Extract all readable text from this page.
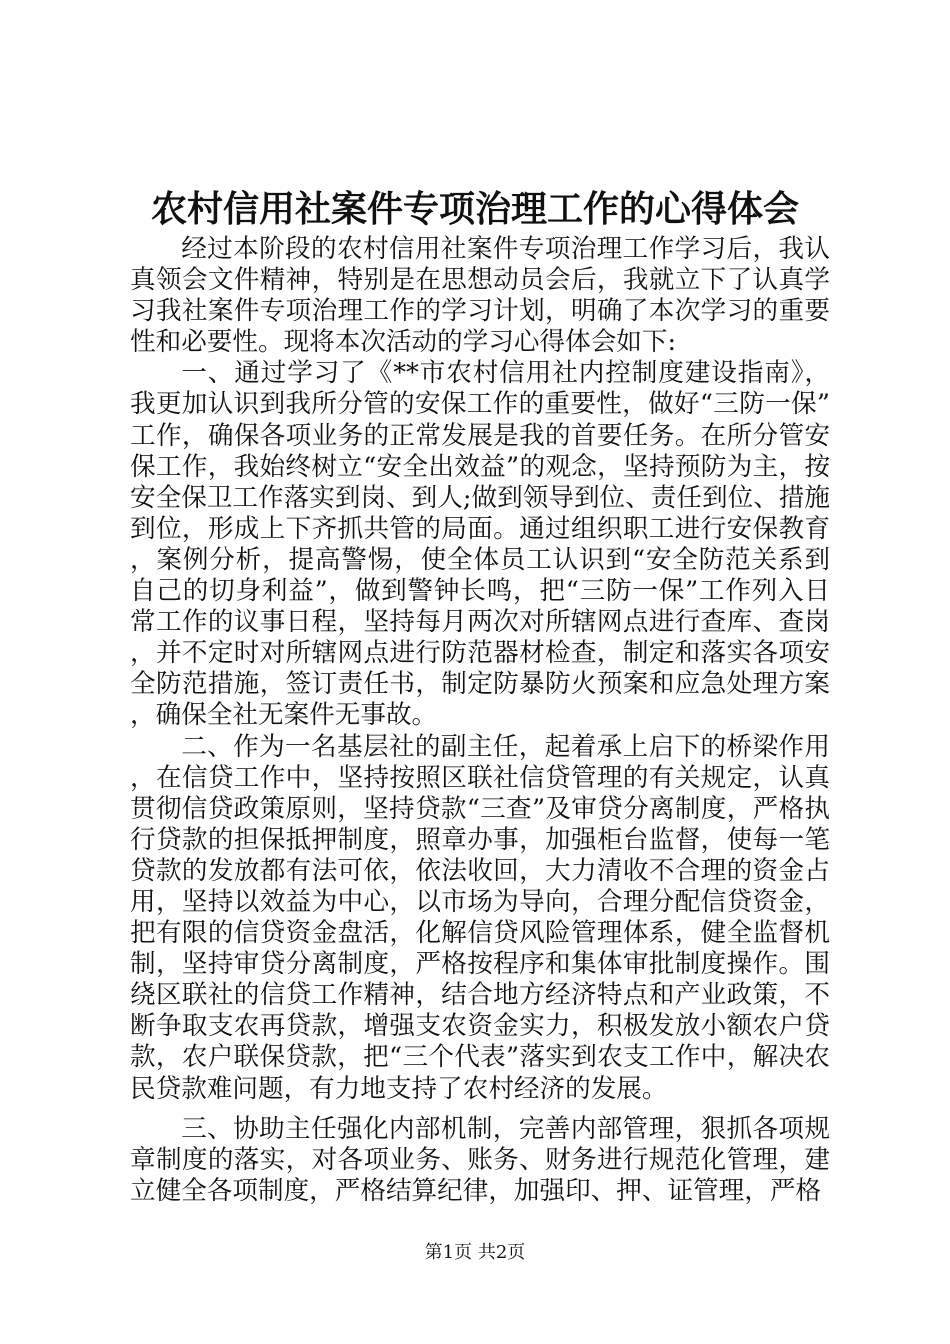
农村信用社案件专项治理工作的心得体会

经过本阶段的农村信用社案件专项治理工作学习后，我认真领会文件精神，特别是在思想动员会后，我就立下了认真学习我社案件专项治理工作的学习计划，明确了本次学习的重要性和必要性。现将本次活动的学习心得体会如下:

一、通过学习了《**市农村信用社内控制度建设指南》，我更加认识到我所分管的安保工作的重要性，做好“三防一保”工作，确保各项业务的正常发展是我的首要任务。在所分管安保工作，我始终树立“安全出效益”的观念，坚持预防为主，按安全保卫工作落实到岗、到人;做到领导到位、责任到位、措施到位，形成上下齐抓共管的局面。通过组织职工进行安保教育，案例分析，提高警惕，使全体员工认识到“安全防范关系到自己的切身利益”，做到警钟长鸣，把“三防一保”工作列入日常工作的议事日程，坚持每月两次对所辖网点进行查库、查岗，并不定时对所辖网点进行防范器材检查，制定和落实各项安全防范措施，签订责任书，制定防暴防火预案和应急处理方案，确保全社无案件无事故。

二、作为一名基层社的副主任，起着承上启下的桥梁作用，在信贷工作中，坚持按照区联社信贷管理的有关规定，认真贯彻信贷政策原则，坚持贷款“三查”及审贷分离制度，严格执行贷款的担保抵押制度，照章办事，加强柜台监督，使每一笔贷款的发放都有法可依，依法收回，大力清收不合理的资金占用，坚持以效益为中心，以市场为导向，合理分配信贷资金，把有限的信贷资金盘活，化解信贷风险管理体系，健全监督机制，坚持审贷分离制度，严格按程序和集体审批制度操作。围绕区联社的信贷工作精神，结合地方经济特点和产业政策，不断争取支农再贷款，增强支农资金实力，积极发放小额农户贷款，农户联保贷款，把“三个代表”落实到农支工作中，解决农民贷款难问题，有力地支持了农村经济的发展。

三、协助主任强化内部机制，完善内部管理，狠抓各项规章制度的落实，对各项业务、账务、财务进行规范化管理，建立健全各项制度，严格结算纪律，加强印、押、证管理，严格

第1页 共2页
